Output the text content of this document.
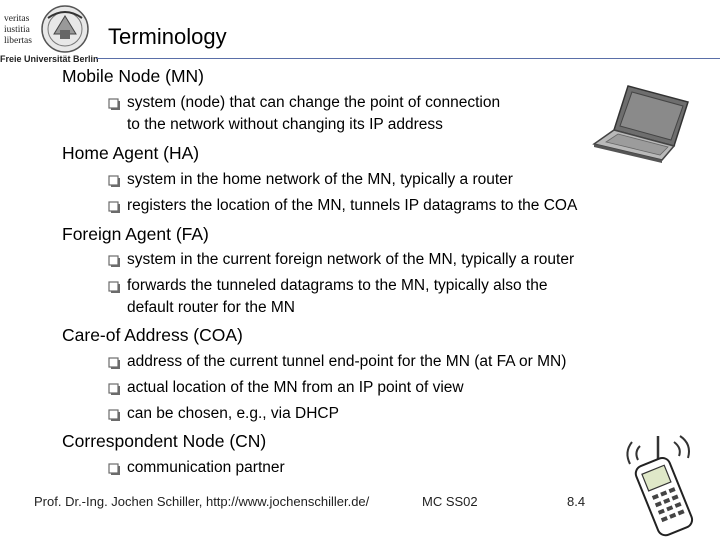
veritas
iustitia
libertas
Freie Universität Berlin
Terminology
Mobile Node (MN)
Home Agent (HA)
Foreign Agent (FA)
Care-of Address (COA)
Correspondent Node (CN)
system (node) that can change the point of connection
to the network without changing its IP address
system in the home network of the MN, typically a router
registers the location of the MN, tunnels IP datagrams to the COA
system in the current foreign network of the MN, typically a router
forwards the tunneled datagrams to the MN, typically also the
default router for the MN
address of the current tunnel end-point for the MN (at FA or MN)
actual location of the MN from an IP point of view
can be chosen, e.g., via DHCP
communication partner
Prof. Dr.-Ing. Jochen Schiller, http://www.jochenschiller.de/	MC SS02	8.4
